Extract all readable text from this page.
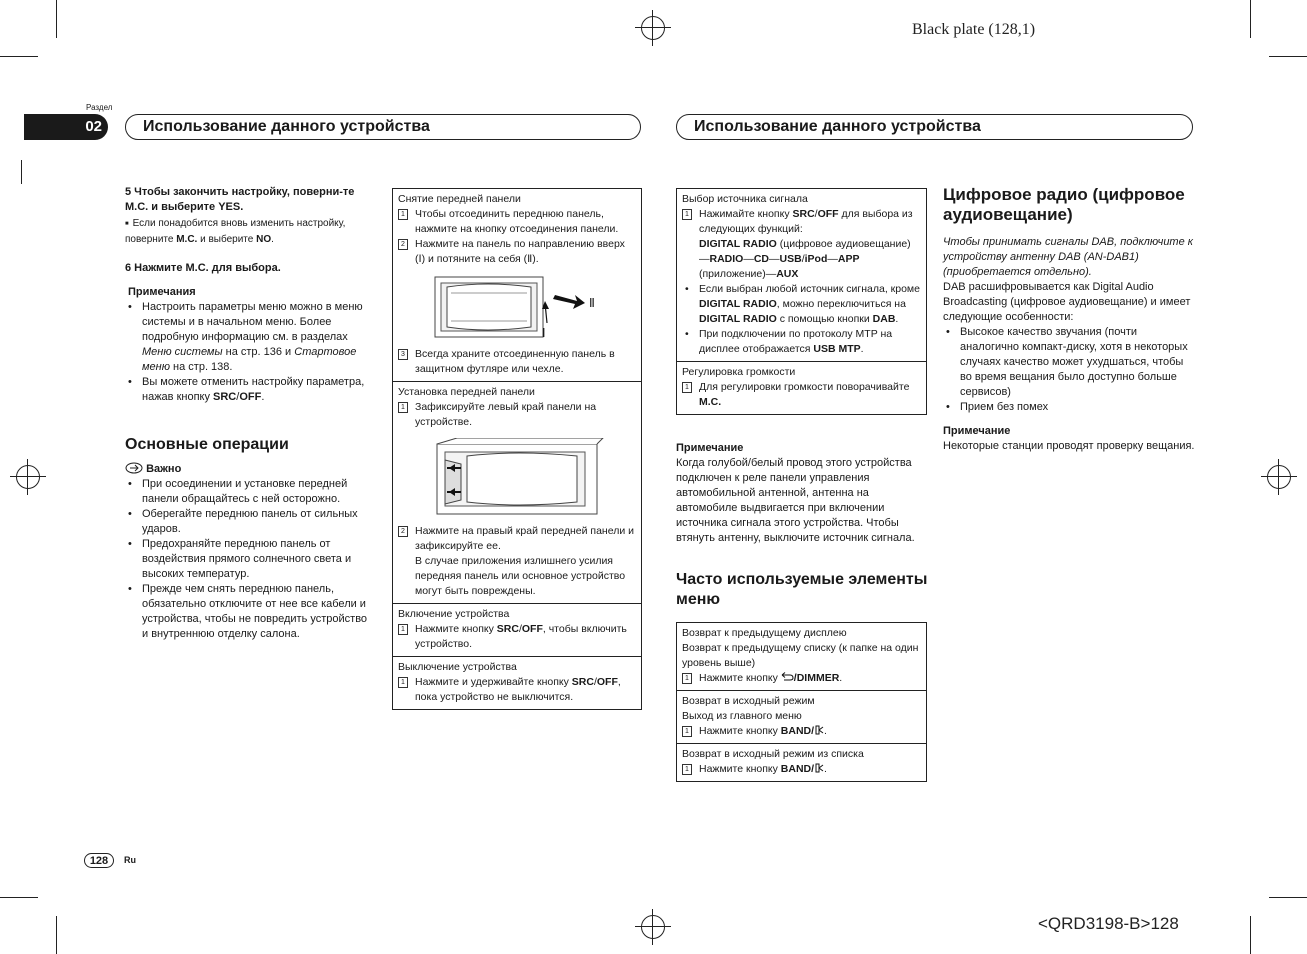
Black plate (128,1)
<QRD3198-B>128
Раздел
02	Использование данного устройства	Использование данного устройства

5 Чтобы закончить настройку, поверни-те M.C. и выберите YES.

■ Если понадобится вновь изменить настройку, поверните M.C. и выберите NO.

6 Нажмите M.C. для выбора.

Примечания

• Настроить параметры меню можно в меню системы и в начальном меню. Более подробную информацию см. в разделах Меню системы на стр. 136 и Стартовое меню на стр. 138.
• Вы можете отменить настройку параметра, нажав кнопку SRC/OFF.
Основные операции

Важно

• При осоединении и установке передней панели обращайтесь с ней осторожно.
• Оберегайте переднюю панель от сильных ударов.
• Предохраняйте переднюю панель от воздействия прямого солнечного света и высоких температур.
• Прежде чем снять переднюю панель, обязательно отключите от нее все кабели и устройства, чтобы не повредить устройство и внутреннюю отделку салона.

Снятие передней панели

1 Чтобы отсоединить переднюю панель, нажмите на кнопку отсоединения панели.
2 Нажмите на панель по направлению вверх (Ⅰ) и потяните на себя (Ⅱ).
Ⅱ
Ⅰ
3 Всегда храните отсоединенную панель в защитном футляре или чехле.

Установка передней панели

1 Зафиксируйте левый край панели на устройстве.
2 Нажмите на правый край передней панели и зафиксируйте ее.
В случае приложения излишнего усилия передняя панель или основное устройство могут быть повреждены.

Включение устройства

1 Нажмите кнопку SRC/OFF, чтобы включить устройство.

Выключение устройства

1 Нажмите и удерживайте кнопку SRC/OFF, пока устройство не выключится.

Выбор источника сигнала

1 Нажимайте кнопку SRC/OFF для выбора из следующих функций:
DIGITAL RADIO (цифровое аудиовещание)—RADIO—CD—USB/iPod—APP (приложение)—AUX
• Если выбран любой источник сигнала, кроме DIGITAL RADIO, можно переключиться на DIGITAL RADIO с помощью кнопки DAB.
• При подключении по протоколу MTP на дисплее отображается USB MTP.

Регулировка громкости

1 Для регулировки громкости поворачивайте M.C.

Примечание

Когда голубой/белый провод этого устройства подключен к реле панели управления автомобильной антенной, антенна на автомобиле выдвигается при включении источника сигнала этого устройства. Чтобы втянуть антенну, выключите источник сигнала.

Часто используемые элементы меню

Возврат к предыдущему дисплею

Возврат к предыдущему списку (к папке на один уровень выше)

1 Нажмите кнопку /DIMMER.

Возврат в исходный режим

Выход из главного меню

1 Нажмите кнопку BAND/ .

Возврат в исходный режим из списка

1 Нажмите кнопку BAND/ .
Цифровое радио (цифровое аудиовещание)

Чтобы принимать сигналы DAB, подключите к устройству антенну DAB (AN-DAB1) (приобретается отдельно).

DAB расшифровывается как Digital Audio Broadcasting (цифровое аудиовещание) и имеет следующие особенности:

• Высокое качество звучания (почти аналогично компакт-диску, хотя в некоторых случаях качество может ухудшаться, чтобы во время вещания было доступно больше сервисов)
• Прием без помех

Примечание

Некоторые станции проводят проверку вещания.

128	Ru
